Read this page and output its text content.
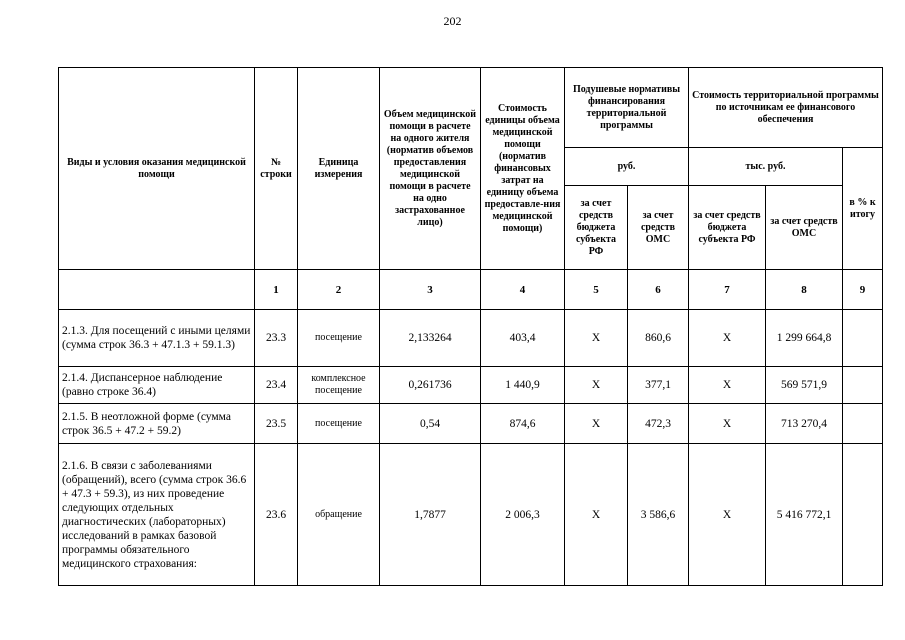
202
Виды и условия оказания медицинской помощи	№ строки	Единица измерения	Объем медицинской помощи в расчете на одного жителя (норматив объемов предоставления медицинской помощи в расчете на одно застрахованное лицо)	Стоимость единицы объема медицинской помощи (норматив финансовых затрат на единицу объема предоставле-ния медицинской помощи)	Подушевые нормативы финансирования территориальной программы		Стоимость территориальной программы по источникам ее финансового обеспечения		
					руб.		тыс. руб.		в % к итогу
					за счет средств бюджета субъекта РФ	за счет средств ОМС	за счет средств бюджета субъекта РФ	за счет средств ОМС	
	1	2	3	4	5	6	7	8	9
2.1.3. Для посещений с иными целями (сумма строк 36.3 + 47.1.3 + 59.1.3)	23.3	посещение	2,133264	403,4	X	860,6	X	1 299 664,8	
2.1.4. Диспансерное наблюдение (равно строке 36.4)	23.4	комплексное посещение	0,261736	1 440,9	X	377,1	X	569 571,9	
2.1.5. В неотложной форме (сумма строк 36.5 + 47.2 + 59.2)	23.5	посещение	0,54	874,6	X	472,3	X	713 270,4	
2.1.6. В связи с заболеваниями (обращений), всего (сумма строк 36.6 + 47.3 + 59.3), из них проведение следующих отдельных диагностических (лабораторных) исследований в рамках базовой программы обязательного медицинского страхования:	23.6	обращение	1,7877	2 006,3	X	3 586,6	X	5 416 772,1	
